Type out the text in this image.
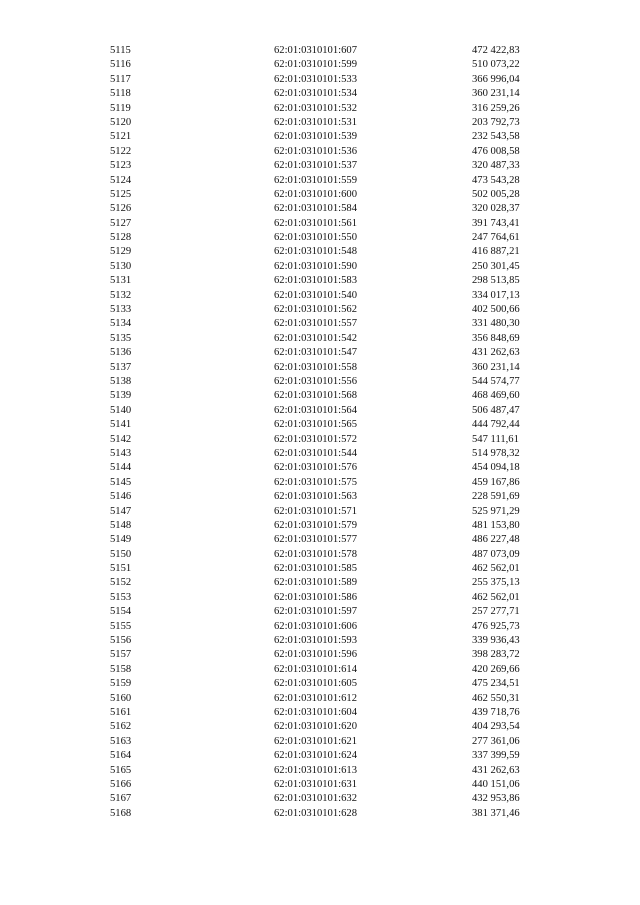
5115	62:01:0310101:607	472 422,83
5116	62:01:0310101:599	510 073,22
5117	62:01:0310101:533	366 996,04
5118	62:01:0310101:534	360 231,14
5119	62:01:0310101:532	316 259,26
5120	62:01:0310101:531	203 792,73
5121	62:01:0310101:539	232 543,58
5122	62:01:0310101:536	476 008,58
5123	62:01:0310101:537	320 487,33
5124	62:01:0310101:559	473 543,28
5125	62:01:0310101:600	502 005,28
5126	62:01:0310101:584	320 028,37
5127	62:01:0310101:561	391 743,41
5128	62:01:0310101:550	247 764,61
5129	62:01:0310101:548	416 887,21
5130	62:01:0310101:590	250 301,45
5131	62:01:0310101:583	298 513,85
5132	62:01:0310101:540	334 017,13
5133	62:01:0310101:562	402 500,66
5134	62:01:0310101:557	331 480,30
5135	62:01:0310101:542	356 848,69
5136	62:01:0310101:547	431 262,63
5137	62:01:0310101:558	360 231,14
5138	62:01:0310101:556	544 574,77
5139	62:01:0310101:568	468 469,60
5140	62:01:0310101:564	506 487,47
5141	62:01:0310101:565	444 792,44
5142	62:01:0310101:572	547 111,61
5143	62:01:0310101:544	514 978,32
5144	62:01:0310101:576	454 094,18
5145	62:01:0310101:575	459 167,86
5146	62:01:0310101:563	228 591,69
5147	62:01:0310101:571	525 971,29
5148	62:01:0310101:579	481 153,80
5149	62:01:0310101:577	486 227,48
5150	62:01:0310101:578	487 073,09
5151	62:01:0310101:585	462 562,01
5152	62:01:0310101:589	255 375,13
5153	62:01:0310101:586	462 562,01
5154	62:01:0310101:597	257 277,71
5155	62:01:0310101:606	476 925,73
5156	62:01:0310101:593	339 936,43
5157	62:01:0310101:596	398 283,72
5158	62:01:0310101:614	420 269,66
5159	62:01:0310101:605	475 234,51
5160	62:01:0310101:612	462 550,31
5161	62:01:0310101:604	439 718,76
5162	62:01:0310101:620	404 293,54
5163	62:01:0310101:621	277 361,06
5164	62:01:0310101:624	337 399,59
5165	62:01:0310101:613	431 262,63
5166	62:01:0310101:631	440 151,06
5167	62:01:0310101:632	432 953,86
5168	62:01:0310101:628	381 371,46
